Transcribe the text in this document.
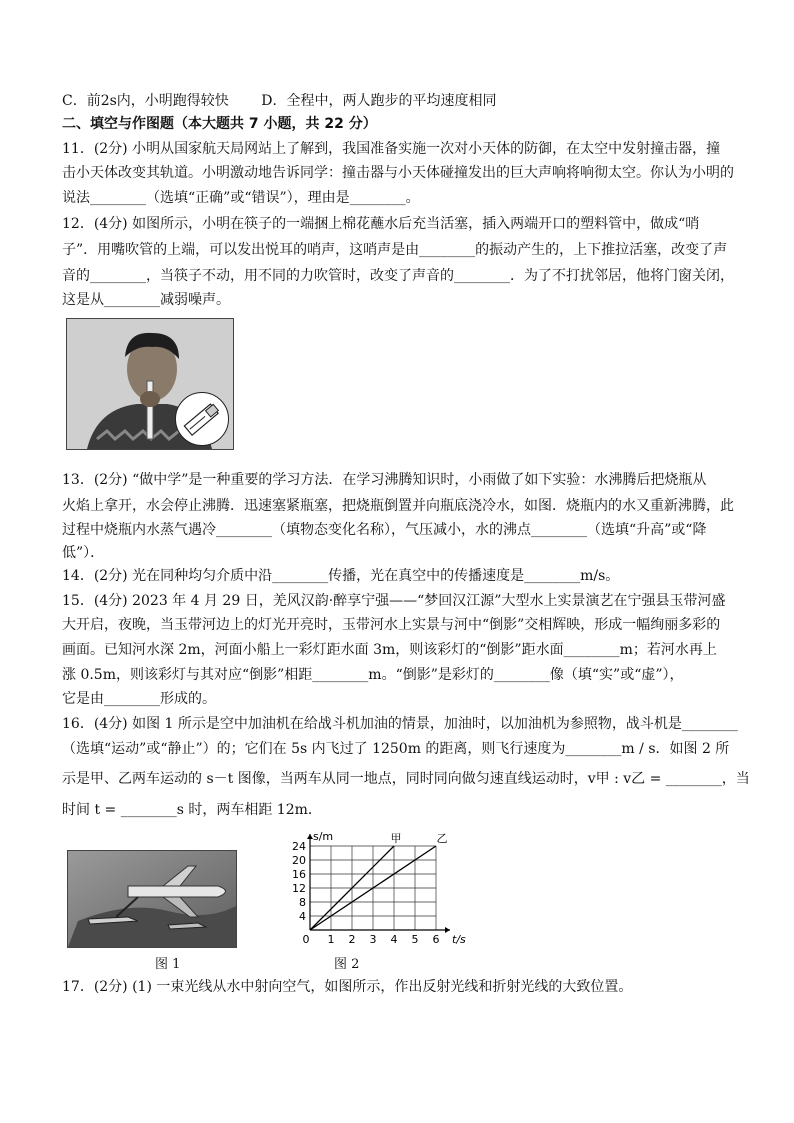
C．前2s内，小明跑得较快　　 D．全程中，两人跑步的平均速度相同
二、填空与作图题（本大题共 7 小题，共 22 分）
11．(2分) 小明从国家航天局网站上了解到，我国准备实施一次对小天体的防御，在太空中发射撞击器，撞
击小天体改变其轨道。小明激动地告诉同学：撞击器与小天体碰撞发出的巨大声响将响彻太空。你认为小明的
说法________（选填“正确”或“错误”），理由是________。
12．(4分) 如图所示，小明在筷子的一端捆上棉花蘸水后充当活塞，插入两端开口的塑料管中，做成“哨
子”．用嘴吹管的上端，可以发出悦耳的哨声，这哨声是由________的振动产生的，上下推拉活塞，改变了声
音的________，当筷子不动，用不同的力吹管时，改变了声音的________．为了不打扰邻居，他将门窗关闭，
这是从________减弱噪声。
13．(2分) “做中学”是一种重要的学习方法．在学习沸腾知识时，小雨做了如下实验：水沸腾后把烧瓶从
火焰上拿开，水会停止沸腾．迅速塞紧瓶塞，把烧瓶倒置并向瓶底浇冷水，如图．烧瓶内的水又重新沸腾，此
过程中烧瓶内水蒸气遇冷________（填物态变化名称），气压减小，水的沸点________（选填“升高”或“降
低”）．
14．(2分) 光在同种均匀介质中沿________传播，光在真空中的传播速度是________m/s。
15．(4分) 2023 年 4 月 29 日，羌风汉韵·醉享宁强——“梦回汉江源”大型水上实景演艺在宁强县玉带河盛
大开启，夜晚，当玉带河边上的灯光开亮时，玉带河水上实景与河中“倒影”交相辉映，形成一幅绚丽多彩的
画面。已知河水深 2m，河面小船上一彩灯距水面 3m，则该彩灯的“倒影”距水面________m；若河水再上
涨 0.5m，则该彩灯与其对应“倒影”相距________m。“倒影”是彩灯的________像（填“实”或“虚”），
它是由________形成的。
16．(4分) 如图 1 所示是空中加油机在给战斗机加油的情景，加油时，以加油机为参照物，战斗机是________
（选填“运动”或“静止”）的；它们在 5s 内飞过了 1250m 的距离，则飞行速度为________m / s．如图 2 所
示是甲、乙两车运动的 s－t 图像，当两车从同一地点，同时同向做匀速直线运动时，v甲 : v乙 = ________，当
时间 t = ________s 时，两车相距 12m．
图 1
0 1 2 3 4 5 6
4
8
12
16
20
24
s/m
t/s
甲	乙
图 2
17．(2分) (1) 一束光线从水中射向空气，如图所示，作出反射光线和折射光线的大致位置。
